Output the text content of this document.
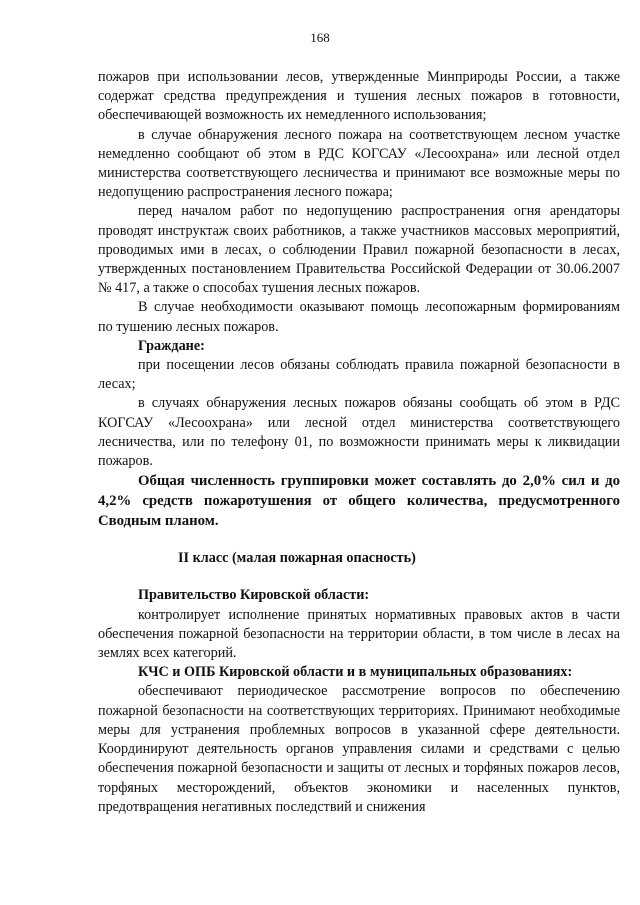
168

пожаров при использовании лесов, утвержденные Минприроды России, а также содержат средства предупреждения и тушения лесных пожаров в готовности, обеспечивающей возможность их немедленного использования;

в случае обнаружения лесного пожара на соответствующем лесном участке немедленно сообщают об этом в РДС КОГСАУ «Лесоохрана» или лесной отдел министерства соответствующего лесничества и принимают все возможные меры по недопущению распространения лесного пожара;

перед началом работ по недопущению распространения огня арендаторы проводят инструктаж своих работников, а также участников массовых мероприятий, проводимых ими в лесах, о соблюдении Правил пожарной безопасности в лесах, утвержденных постановлением Правительства Российской Федерации от 30.06.2007 № 417, а также о способах тушения лесных пожаров.

В случае необходимости оказывают помощь лесопожарным формированиям по тушению лесных пожаров.

Граждане:

при посещении лесов обязаны соблюдать правила пожарной безопасности в лесах;

в случаях обнаружения лесных пожаров обязаны сообщать об этом в РДС КОГСАУ «Лесоохрана» или лесной отдел министерства соответствующего лесничества, или по телефону 01, по возможности принимать меры к ликвидации пожаров.

Общая численность группировки может составлять до 2,0% сил и до 4,2% средств пожаротушения от общего количества, предусмотренного Сводным планом.

II класс (малая пожарная опасность)

Правительство Кировской области:

контролирует исполнение принятых нормативных правовых актов в части обеспечения пожарной безопасности на территории области, в том числе в лесах на землях всех категорий.

КЧС и ОПБ Кировской области и в муниципальных образованиях:

обеспечивают периодическое рассмотрение вопросов по обеспечению пожарной безопасности на соответствующих территориях. Принимают необходимые меры для устранения проблемных вопросов в указанной сфере деятельности. Координируют деятельность органов управления силами и средствами с целью обеспечения пожарной безопасности и защиты от лесных и торфяных пожаров лесов, торфяных месторождений, объектов экономики и населенных пунктов, предотвращения негативных последствий и снижения
